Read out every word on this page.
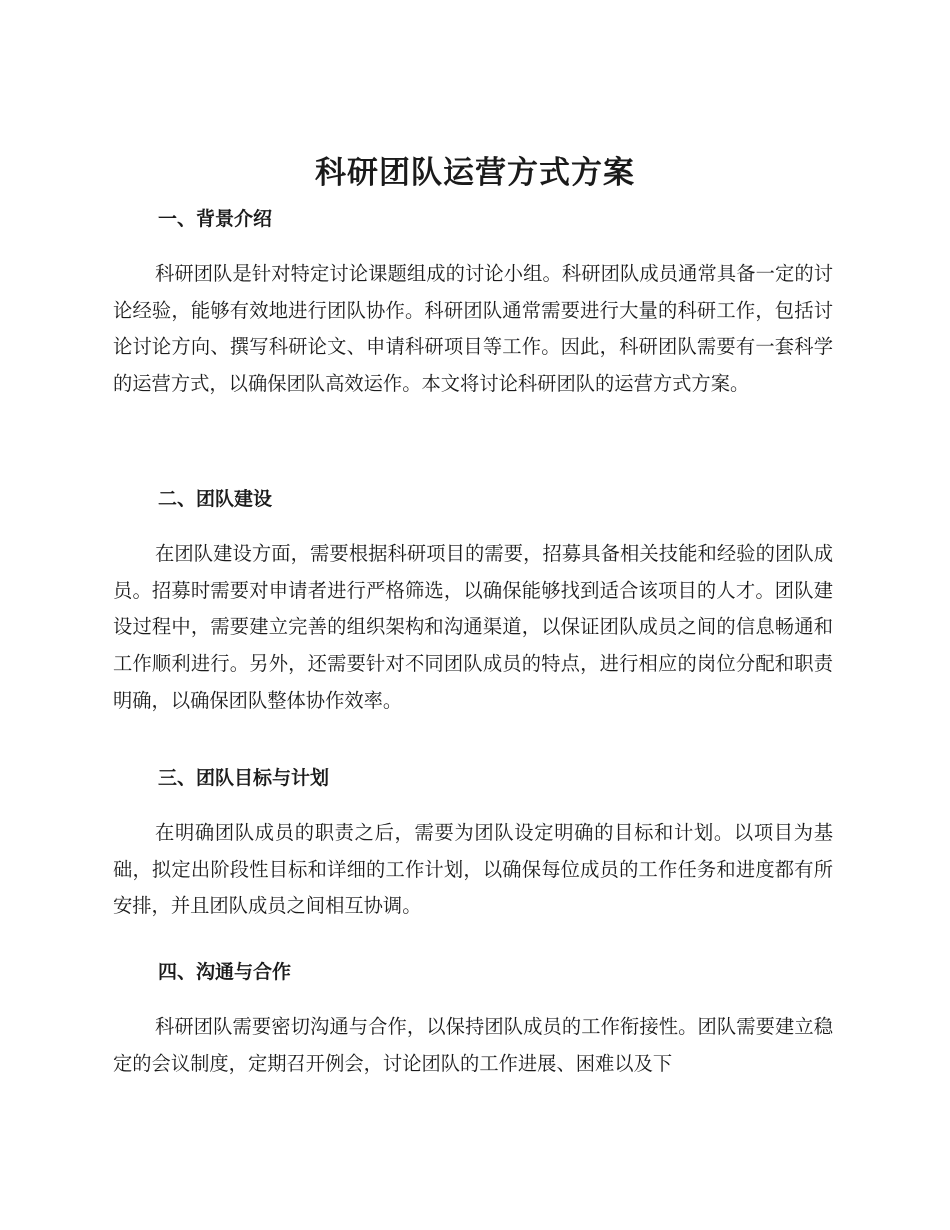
科研团队运营方式方案
一、背景介绍

科研团队是针对特定讨论课题组成的讨论小组。科研团队成员通常具备一定的讨论经验，能够有效地进行团队协作。科研团队通常需要进行大量的科研工作，包括讨论讨论方向、撰写科研论文、申请科研项目等工作。因此，科研团队需要有一套科学的运营方式，以确保团队高效运作。本文将讨论科研团队的运营方式方案。

二、团队建设

在团队建设方面，需要根据科研项目的需要，招募具备相关技能和经验的团队成员。招募时需要对申请者进行严格筛选，以确保能够找到适合该项目的人才。团队建设过程中，需要建立完善的组织架构和沟通渠道，以保证团队成员之间的信息畅通和工作顺利进行。另外，还需要针对不同团队成员的特点，进行相应的岗位分配和职责明确，以确保团队整体协作效率。

三、团队目标与计划

在明确团队成员的职责之后，需要为团队设定明确的目标和计划。以项目为基础，拟定出阶段性目标和详细的工作计划，以确保每位成员的工作任务和进度都有所安排，并且团队成员之间相互协调。

四、沟通与合作

科研团队需要密切沟通与合作，以保持团队成员的工作衔接性。团队需要建立稳定的会议制度，定期召开例会，讨论团队的工作进展、困难以及下
